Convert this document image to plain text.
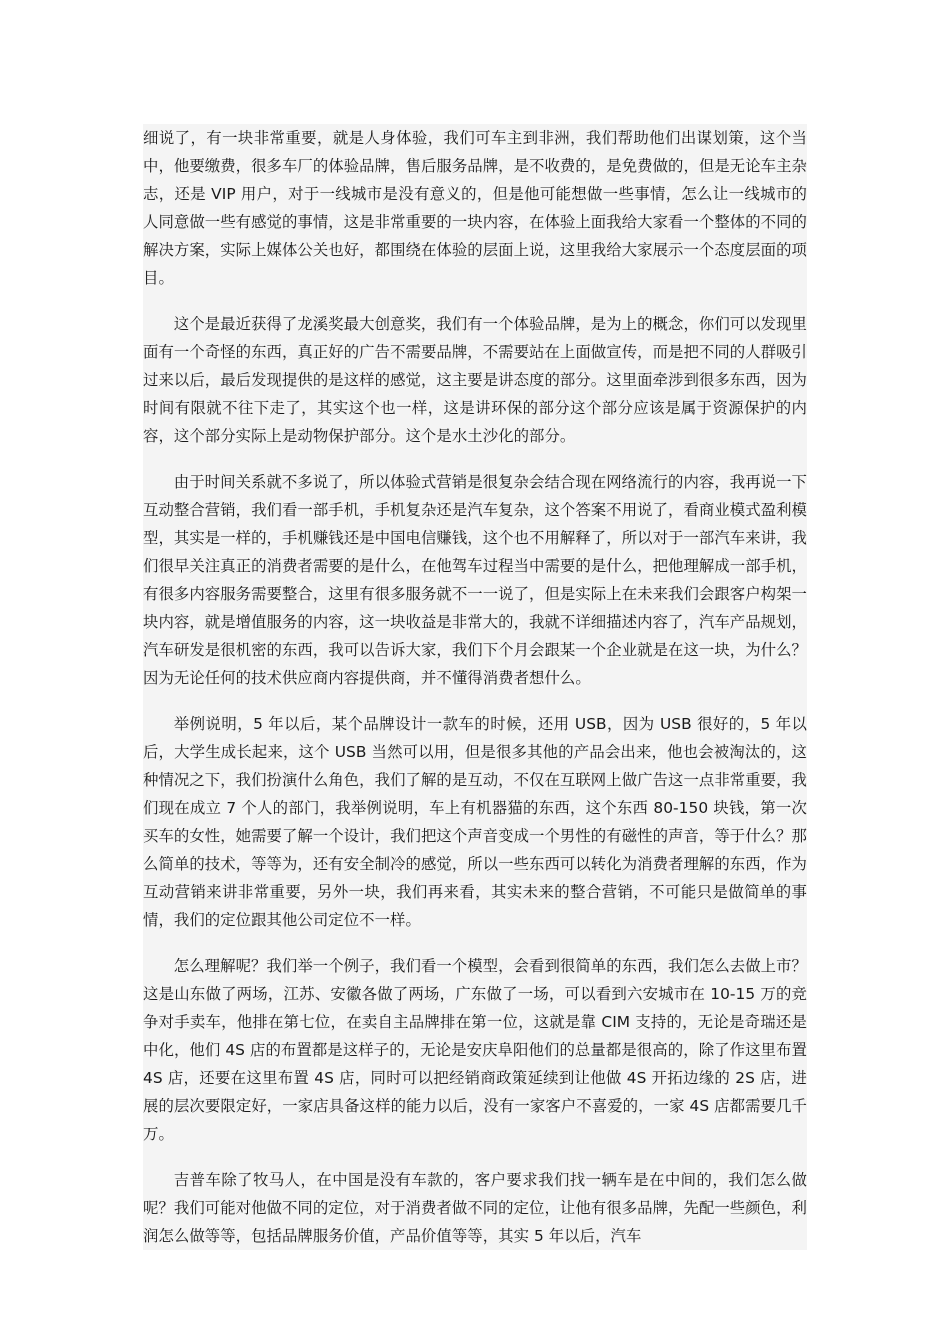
细说了，有一块非常重要，就是人身体验，我们可车主到非洲，我们帮助他们出谋划策，这个当中，他要缴费，很多车厂的体验品牌，售后服务品牌，是不收费的，是免费做的，但是无论车主杂志，还是 VIP 用户，对于一线城市是没有意义的，但是他可能想做一些事情，怎么让一线城市的人同意做一些有感觉的事情，这是非常重要的一块内容，在体验上面我给大家看一个整体的不同的解决方案，实际上媒体公关也好，都围绕在体验的层面上说，这里我给大家展示一个态度层面的项目。

这个是最近获得了龙溪奖最大创意奖，我们有一个体验品牌，是为上的概念，你们可以发现里面有一个奇怪的东西，真正好的广告不需要品牌，不需要站在上面做宣传，而是把不同的人群吸引过来以后，最后发现提供的是这样的感觉，这主要是讲态度的部分。这里面牵涉到很多东西，因为时间有限就不往下走了，其实这个也一样，这是讲环保的部分这个部分应该是属于资源保护的内容，这个部分实际上是动物保护部分。这个是水土沙化的部分。

由于时间关系就不多说了，所以体验式营销是很复杂会结合现在网络流行的内容，我再说一下互动整合营销，我们看一部手机，手机复杂还是汽车复杂，这个答案不用说了，看商业模式盈利模型，其实是一样的，手机赚钱还是中国电信赚钱，这个也不用解释了，所以对于一部汽车来讲，我们很早关注真正的消费者需要的是什么，在他驾车过程当中需要的是什么，把他理解成一部手机，有很多内容服务需要整合，这里有很多服务就不一一说了，但是实际上在未来我们会跟客户构架一块内容，就是增值服务的内容，这一块收益是非常大的，我就不详细描述内容了，汽车产品规划，汽车研发是很机密的东西，我可以告诉大家，我们下个月会跟某一个企业就是在这一块，为什么？因为无论任何的技术供应商内容提供商，并不懂得消费者想什么。

举例说明，5 年以后，某个品牌设计一款车的时候，还用 USB，因为 USB 很好的，5 年以后，大学生成长起来，这个 USB 当然可以用，但是很多其他的产品会出来，他也会被淘汰的，这种情况之下，我们扮演什么角色，我们了解的是互动，不仅在互联网上做广告这一点非常重要，我们现在成立 7 个人的部门，我举例说明，车上有机器猫的东西，这个东西 80-150 块钱，第一次买车的女性，她需要了解一个设计，我们把这个声音变成一个男性的有磁性的声音，等于什么？那么简单的技术，等等为，还有安全制冷的感觉，所以一些东西可以转化为消费者理解的东西，作为互动营销来讲非常重要，另外一块，我们再来看，其实未来的整合营销，不可能只是做简单的事情，我们的定位跟其他公司定位不一样。

怎么理解呢？我们举一个例子，我们看一个模型，会看到很简单的东西，我们怎么去做上市？这是山东做了两场，江苏、安徽各做了两场，广东做了一场，可以看到六安城市在 10-15 万的竞争对手卖车，他排在第七位，在卖自主品牌排在第一位，这就是靠 CIM 支持的，无论是奇瑞还是中化，他们 4S 店的布置都是这样子的，无论是安庆阜阳他们的总量都是很高的，除了作这里布置 4S 店，还要在这里布置 4S 店，同时可以把经销商政策延续到让他做 4S 开拓边缘的 2S 店，进展的层次要限定好，一家店具备这样的能力以后，没有一家客户不喜爱的，一家 4S 店都需要几千万。

吉普车除了牧马人，在中国是没有车款的，客户要求我们找一辆车是在中间的，我们怎么做呢？我们可能对他做不同的定位，对于消费者做不同的定位，让他有很多品牌，先配一些颜色，利润怎么做等等，包括品牌服务价值，产品价值等等，其实 5 年以后，汽车
